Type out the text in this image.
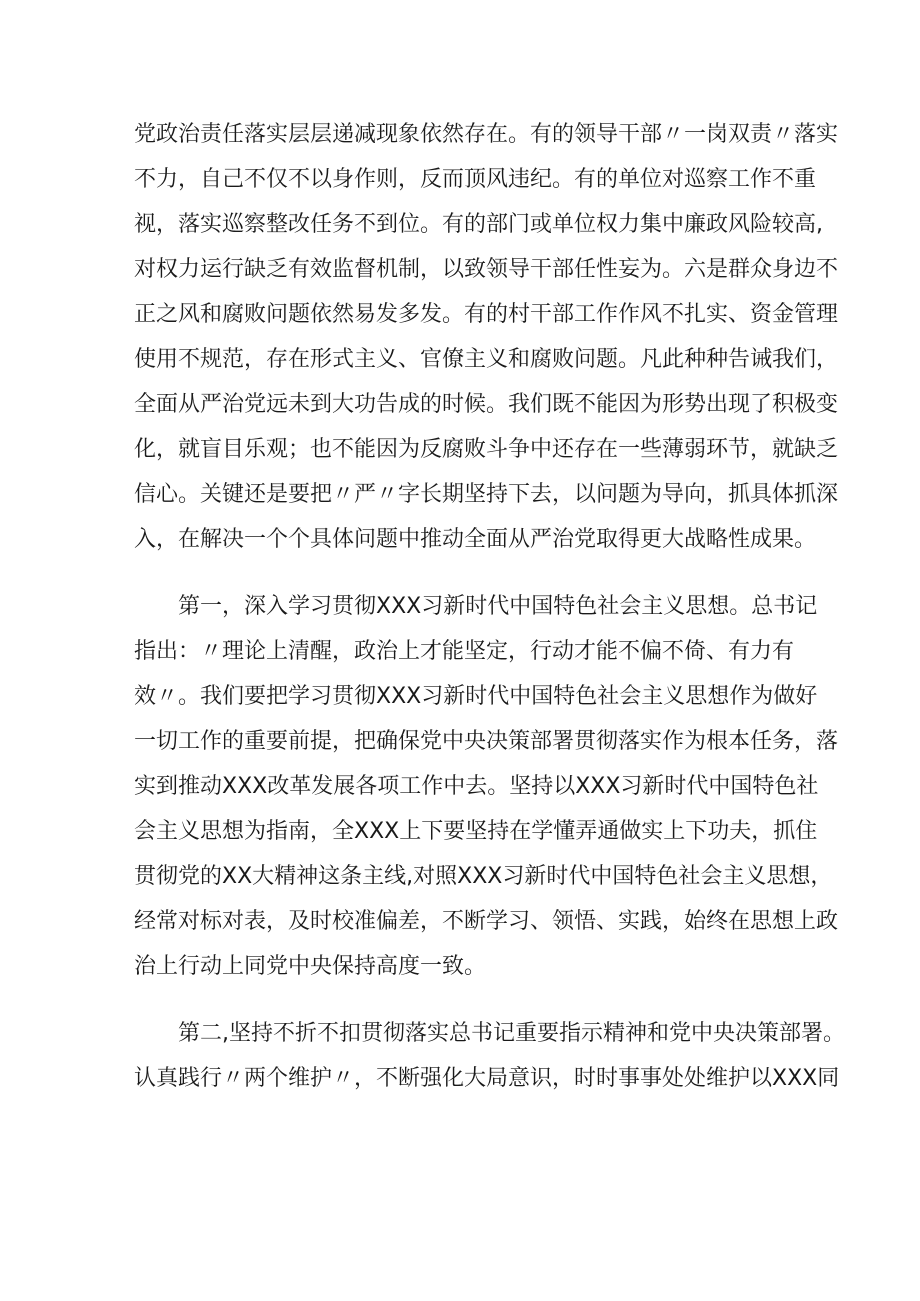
党政治责任落实层层递减现象依然存在。有的领导干部〃一岗双责〃落实
不力，自己不仅不以身作则，反而顶风违纪。有的单位对巡察工作不重
视，落实巡察整改任务不到位。有的部门或单位权力集中廉政风险较高,
对权力运行缺乏有效监督机制，以致领导干部任性妄为。六是群众身边不
正之风和腐败问题依然易发多发。有的村干部工作作风不扎实、资金管理
使用不规范，存在形式主义、官僚主义和腐败问题。凡此种种告诫我们，
全面从严治党远未到大功告成的时候。我们既不能因为形势出现了积极变
化，就盲目乐观；也不能因为反腐败斗争中还存在一些薄弱环节，就缺乏
信心。关键还是要把〃严〃字长期坚持下去，以问题为导向，抓具体抓深
入，在解决一个个具体问题中推动全面从严治党取得更大战略性成果。
　　第一，深入学习贯彻XXX习新时代中国特色社会主义思想。总书记
指出：〃理论上清醒，政治上才能坚定，行动才能不偏不倚、有力有
效〃。我们要把学习贯彻XXX习新时代中国特色社会主义思想作为做好
一切工作的重要前提，把确保党中央决策部署贯彻落实作为根本任务，落
实到推动XXX改革发展各项工作中去。坚持以XXX习新时代中国特色社
会主义思想为指南，全XXX上下要坚持在学懂弄通做实上下功夫，抓住
贯彻党的XX大精神这条主线,对照XXX习新时代中国特色社会主义思想，
经常对标对表，及时校准偏差，不断学习、领悟、实践，始终在思想上政
治上行动上同党中央保持高度一致。
　　第二,坚持不折不扣贯彻落实总书记重要指示精神和党中央决策部署。
认真践行〃两个维护〃，不断强化大局意识，时时事事处处维护以XXX同
